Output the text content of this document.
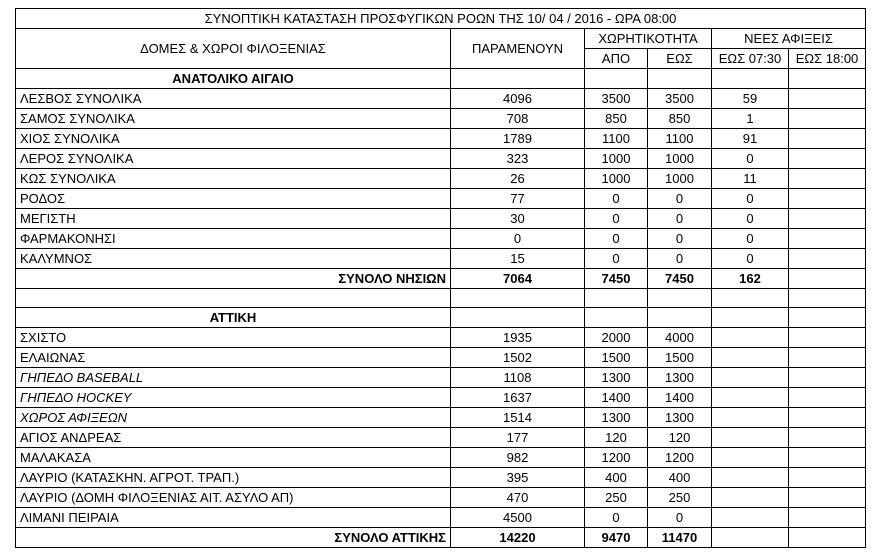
ΣΥΝΟΠΤΙΚΗ ΚΑΤΑΣΤΑΣΗ ΠΡΟΣΦΥΓΙΚΩΝ ΡΟΩΝ ΤΗΣ 10/ 04 / 2016 - ΩΡΑ 08:00					
ΔΟΜΕΣ & ΧΩΡΟΙ ΦΙΛΟΞΕΝΙΑΣ	ΠΑΡΑΜΕΝΟΥΝ	ΧΩΡΗΤΙΚΟΤΗΤΑ		ΝΕΕΣ ΑΦΙΞΕΙΣ	
		ΑΠΟ	ΕΩΣ	ΕΩΣ 07:30	ΕΩΣ 18:00
ΑΝΑΤΟΛΙΚΟ ΑΙΓΑΙΟ					
ΛΕΣΒΟΣ ΣΥΝΟΛΙΚΑ	4096	3500	3500	59	
ΣΑΜΟΣ ΣΥΝΟΛΙΚΑ	708	850	850	1	
ΧΙΟΣ ΣΥΝΟΛΙΚΑ	1789	1100	1100	91	
ΛΕΡΟΣ ΣΥΝΟΛΙΚΑ	323	1000	1000	0	
ΚΩΣ ΣΥΝΟΛΙΚΑ	26	1000	1000	11	
ΡΟΔΟΣ	77	0	0	0	
ΜΕΓΙΣΤΗ	30	0	0	0	
ΦΑΡΜΑΚΟΝΗΣΙ	0	0	0	0	
ΚΑΛΥΜΝΟΣ	15	0	0	0	
ΣΥΝΟΛΟ ΝΗΣΙΩΝ	7064	7450	7450	162	

ΑΤΤΙΚΗ					
ΣΧΙΣΤΟ	1935	2000	4000		
ΕΛΑΙΩΝΑΣ	1502	1500	1500		
ΓΗΠΕΔΟ BASEBALL	1108	1300	1300		
ΓΗΠΕΔΟ HOCKEY	1637	1400	1400		
ΧΩΡΟΣ ΑΦΙΞΕΩΝ	1514	1300	1300		
ΑΓΙΟΣ ΑΝΔΡΕΑΣ	177	120	120		
ΜΑΛΑΚΑΣΑ	982	1200	1200		
ΛΑΥΡΙΟ (ΚΑΤΑΣΚΗΝ. ΑΓΡΟΤ. ΤΡΑΠ.)	395	400	400		
ΛΑΥΡΙΟ (ΔΟΜΗ ΦΙΛΟΞΕΝΙΑΣ ΑΙΤ. ΑΣΥΛΟ ΑΠ)	470	250	250		
ΛΙΜΑΝΙ ΠΕΙΡΑΙΑ	4500	0	0		
ΣΥΝΟΛΟ ΑΤΤΙΚΗΣ	14220	9470	11470		
